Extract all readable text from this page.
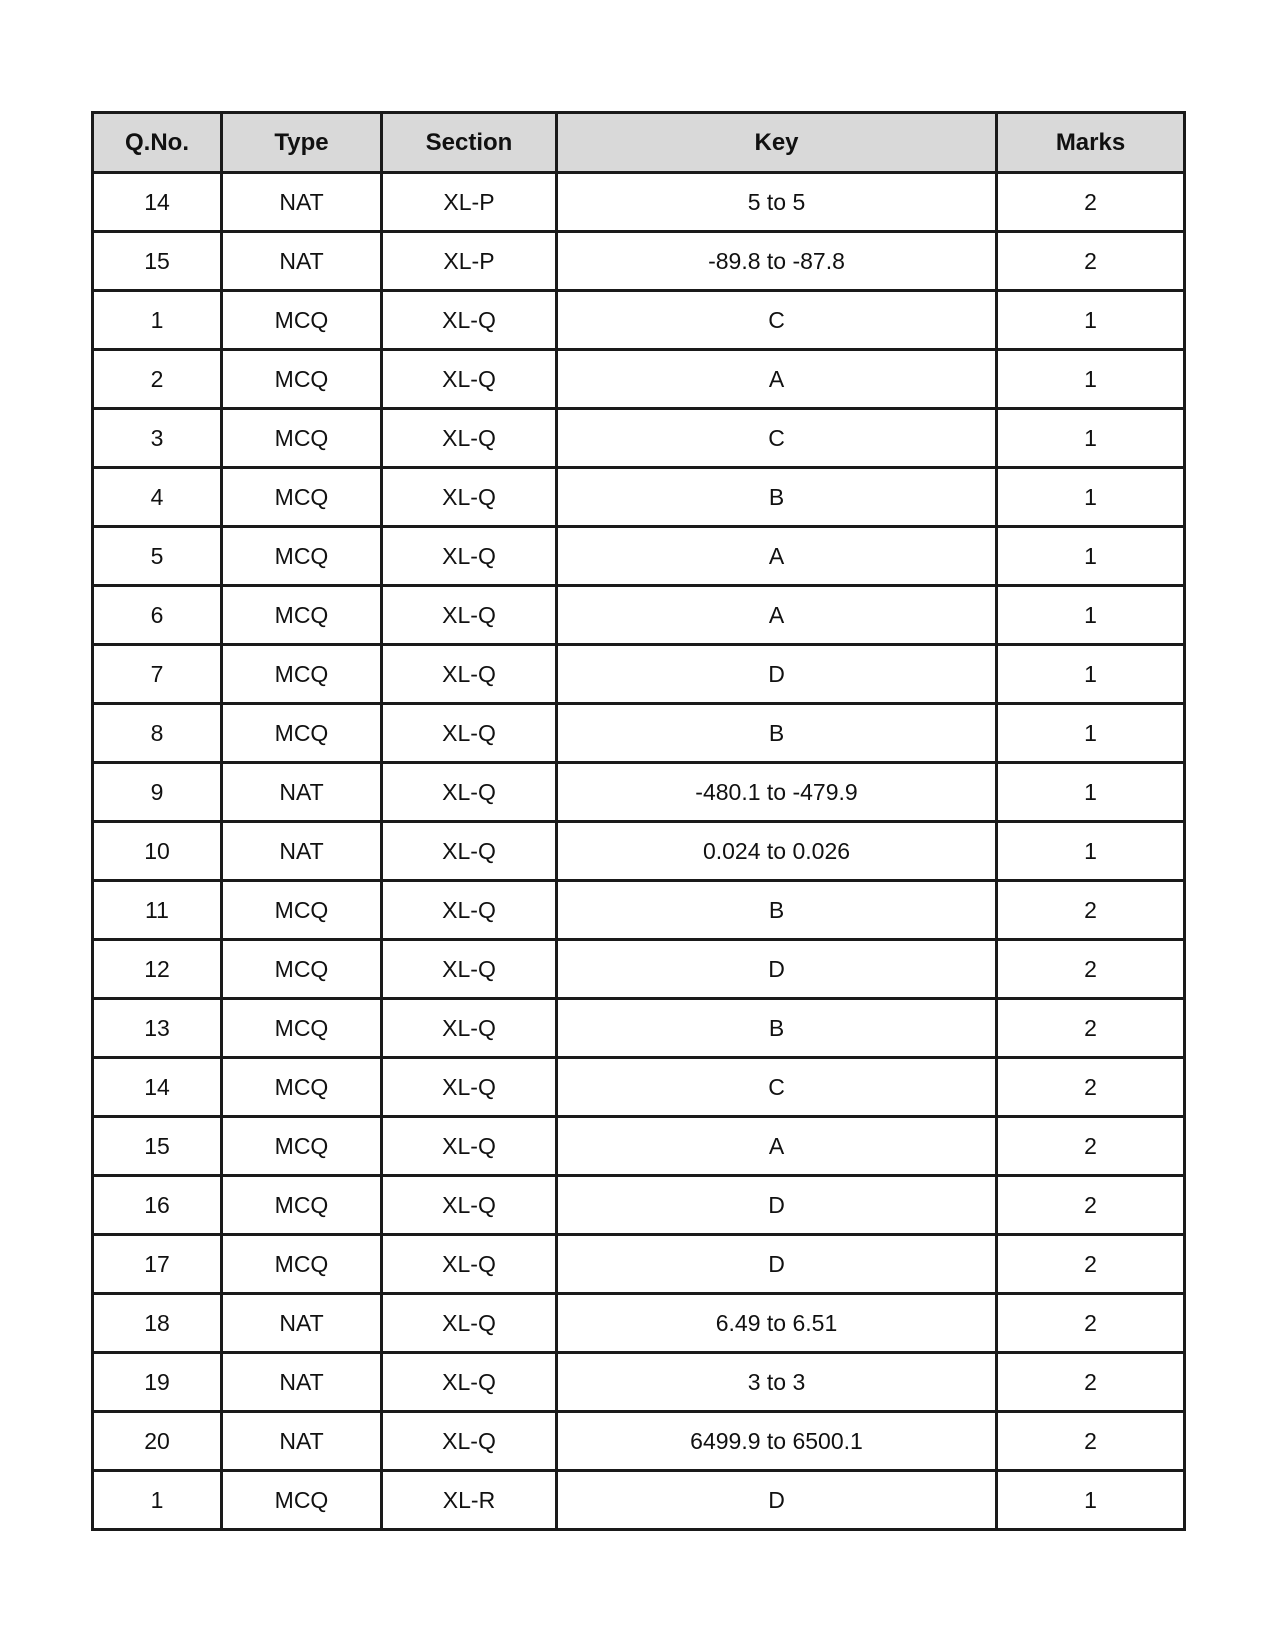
Q.No.	Type	Section	Key	Marks
14	NAT	XL-P	5 to 5	2
15	NAT	XL-P	-89.8 to -87.8	2
1	MCQ	XL-Q	C	1
2	MCQ	XL-Q	A	1
3	MCQ	XL-Q	C	1
4	MCQ	XL-Q	B	1
5	MCQ	XL-Q	A	1
6	MCQ	XL-Q	A	1
7	MCQ	XL-Q	D	1
8	MCQ	XL-Q	B	1
9	NAT	XL-Q	-480.1 to -479.9	1
10	NAT	XL-Q	0.024 to 0.026	1
11	MCQ	XL-Q	B	2
12	MCQ	XL-Q	D	2
13	MCQ	XL-Q	B	2
14	MCQ	XL-Q	C	2
15	MCQ	XL-Q	A	2
16	MCQ	XL-Q	D	2
17	MCQ	XL-Q	D	2
18	NAT	XL-Q	6.49 to 6.51	2
19	NAT	XL-Q	3 to 3	2
20	NAT	XL-Q	6499.9 to 6500.1	2
1	MCQ	XL-R	D	1
